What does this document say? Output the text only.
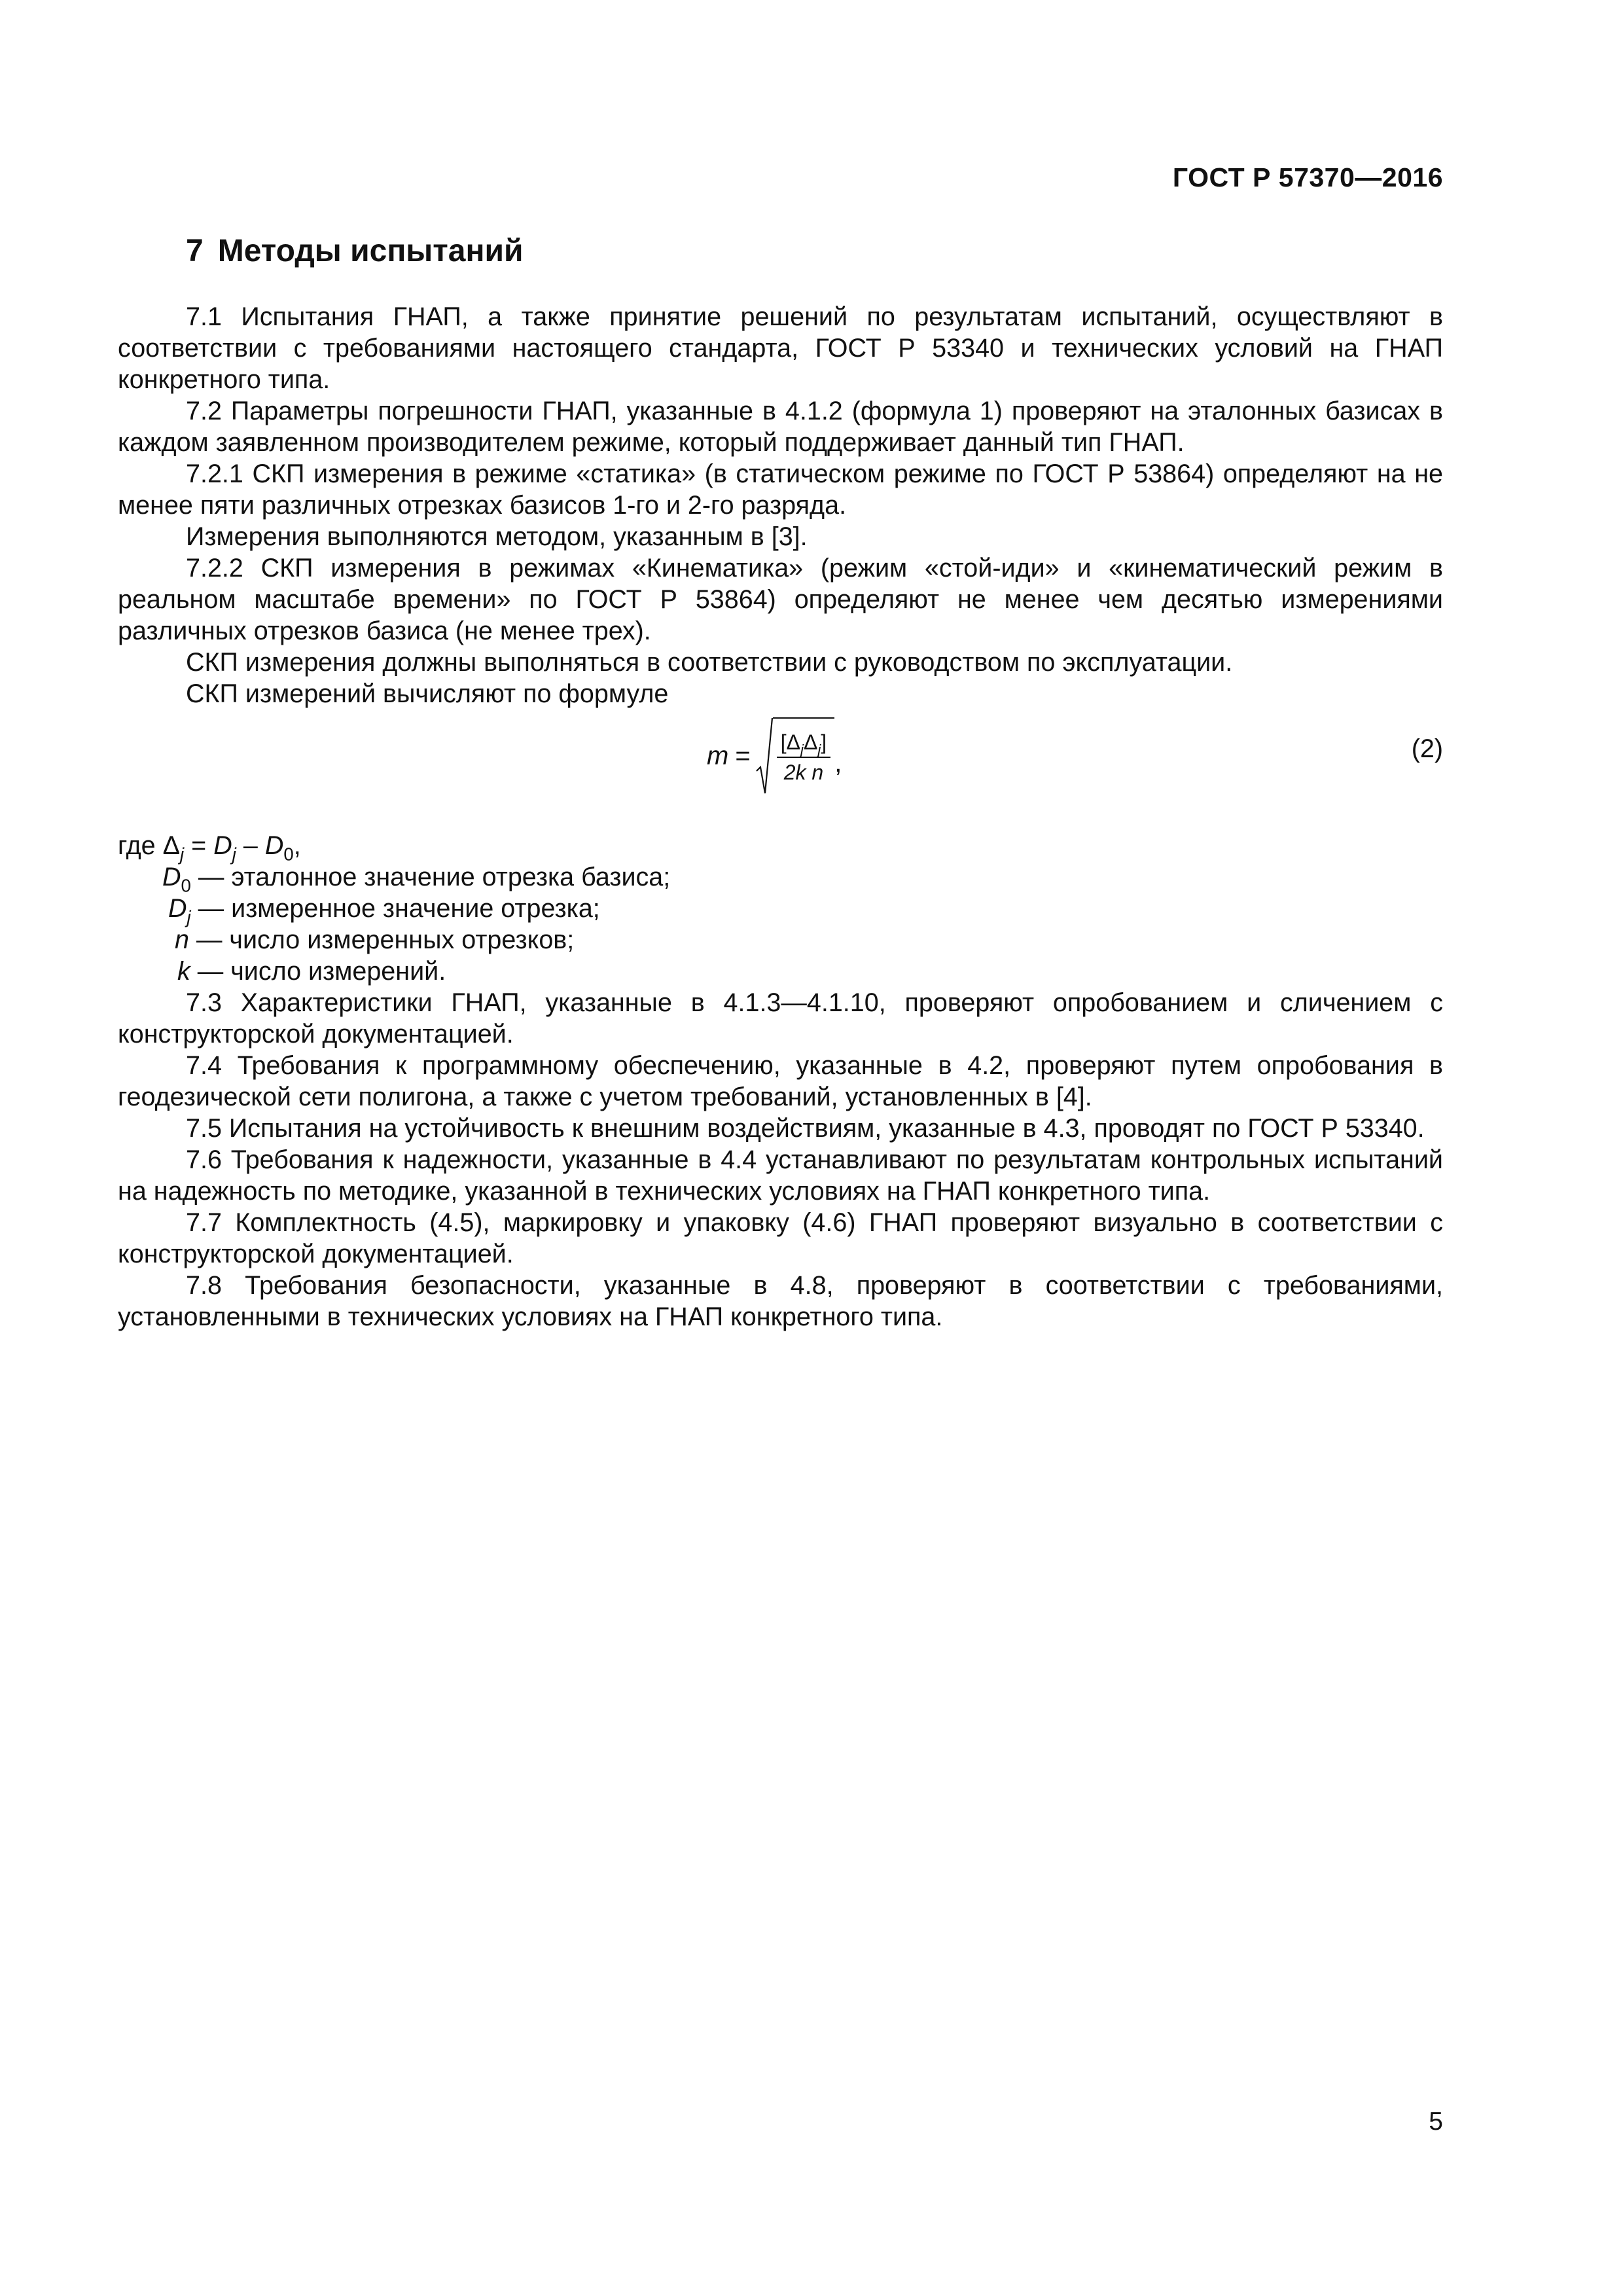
ГОСТ Р 57370—2016
7 Методы испытаний

7.1 Испытания ГНАП, а также принятие решений по результатам испытаний, осуществляют в соответствии с требованиями настоящего стандарта, ГОСТ Р 53340 и технических условий на ГНАП конкретного типа.

7.2 Параметры погрешности ГНАП, указанные в 4.1.2 (формула 1) проверяют на эталонных базисах в каждом заявленном производителем режиме, который поддерживает данный тип ГНАП.

7.2.1 СКП измерения в режиме «статика» (в статическом режиме по ГОСТ Р 53864) определяют на не менее пяти различных отрезках базисов 1-го и 2-го разряда.

Измерения выполняются методом, указанным в [3].

7.2.2 СКП измерения в режимах «Кинематика» (режим «стой-иди» и «кинематический режим в реальном масштабе времени» по ГОСТ Р 53864) определяют не менее чем десятью измерениями различных отрезков базиса (не менее трех).

СКП измерения должны выполняться в соответствии с руководством по эксплуатации.

СКП измерений вычисляют по формуле

$m = \frac{[\Delta_j\Delta_j]}{\text{2k n}}$ ,	(2)

где $\Delta_j = D_j - D_0$,

$D_0$ — эталонное значение отрезка базиса;
$D_j$ — измеренное значение отрезка;
n — число измеренных отрезков;
k — число измерений.

7.3 Характеристики ГНАП, указанные в 4.1.3—4.1.10, проверяют опробованием и сличением с конструкторской документацией.

7.4 Требования к программному обеспечению, указанные в 4.2, проверяют путем опробования в геодезической сети полигона, а также с учетом требований, установленных в [4].

7.5 Испытания на устойчивость к внешним воздействиям, указанные в 4.3, проводят по ГОСТ Р 53340.

7.6 Требования к надежности, указанные в 4.4 устанавливают по результатам контрольных испытаний на надежность по методике, указанной в технических условиях на ГНАП конкретного типа.

7.7 Комплектность (4.5), маркировку и упаковку (4.6) ГНАП проверяют визуально в соответствии с конструкторской документацией.

7.8 Требования безопасности, указанные в 4.8, проверяют в соответствии с требованиями, установленными в технических условиях на ГНАП конкретного типа.

5
